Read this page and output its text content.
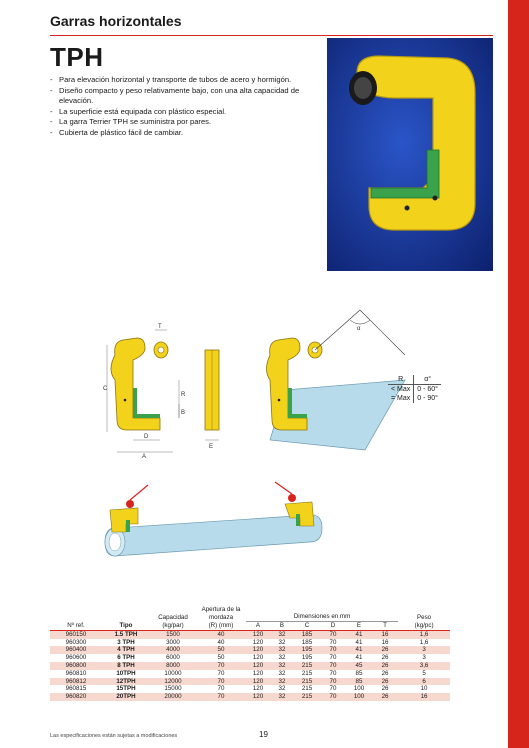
Garras horizontales
TPH
- Para elevación horizontal y transporte de tubos de acero y hormigón.
- Diseño compacto y peso relativamente bajo, con una alta capacidad de elevación.
- La superficie está equipada con plástico especial.
- La garra Terrier TPH se suministra por pares.
- Cubierta de plástico fácil de cambiar.
C
A
D
R
B
T
E
α
R	α°
< Max	0 - 60°
= Max	0 - 90°
Nº ref.	Tipo	Capacidad	Apertura de la mordaza	Dimensiones en mm						Peso
		(kg/par)	(R) (mm)	A	B	C	D	E	T	(kg/pc)
960150	1.5 TPH	1500	40	120	32	185	70	41	16	1,6
960300	3 TPH	3000	40	120	32	185	70	41	16	1,6
960400	4 TPH	4000	50	120	32	195	70	41	26	3
960600	6 TPH	6000	50	120	32	195	70	41	26	3
960800	8 TPH	8000	70	120	32	215	70	45	26	3,6
960810	10TPH	10000	70	120	32	215	70	85	26	5
960812	12TPH	12000	70	120	32	215	70	85	26	6
960815	15TPH	15000	70	120	32	215	70	100	26	10
960820	20TPH	20000	70	120	32	215	70	100	26	16
Las especificaciones están sujetas a modificaciones	19
